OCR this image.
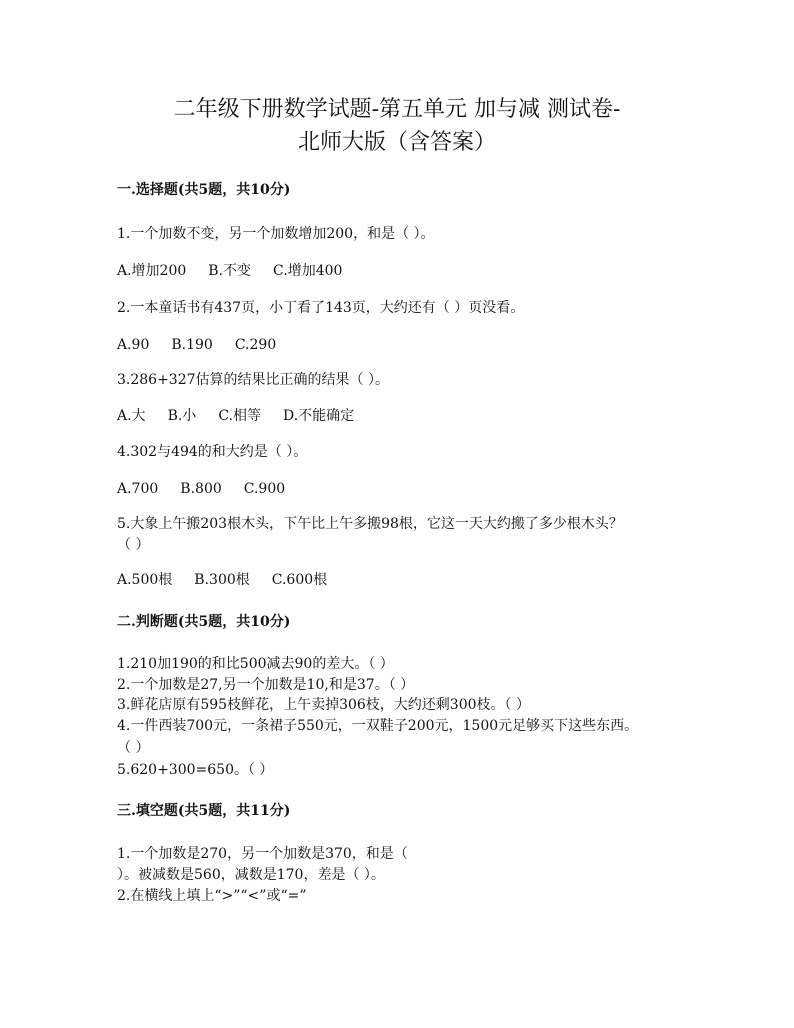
二年级下册数学试题-第五单元 加与减 测试卷-
北师大版（含答案）
一.选择题(共5题，共10分)
1.一个加数不变，另一个加数增加200，和是（ ）。
A.增加200 B.不变 C.增加400
2.一本童话书有437页，小丁看了143页，大约还有（ ）页没看。
A.90 B.190 C.290
3.286+327估算的结果比正确的结果（ ）。
A.大 B.小 C.相等 D.不能确定
4.302与494的和大约是（ ）。
A.700 B.800 C.900
5.大象上午搬203根木头，下午比上午多搬98根，它这一天大约搬了多少根木头？
（ ）
A.500根 B.300根 C.600根
二.判断题(共5题，共10分)
1.210加190的和比500减去90的差大。（ ）
2.一个加数是27,另一个加数是10,和是37。（ ）
3.鲜花店原有595枝鲜花，上午卖掉306枝，大约还剩300枝。（ ）
4.一件西装700元，一条裙子550元，一双鞋子200元，1500元足够买下这些东西。
（ ）
5.620+300=650。（ ）
三.填空题(共5题，共11分)
1.一个加数是270，另一个加数是370，和是（
）。被减数是560，减数是170，差是（ ）。
2.在横线上填上“>”“<”或“=”
